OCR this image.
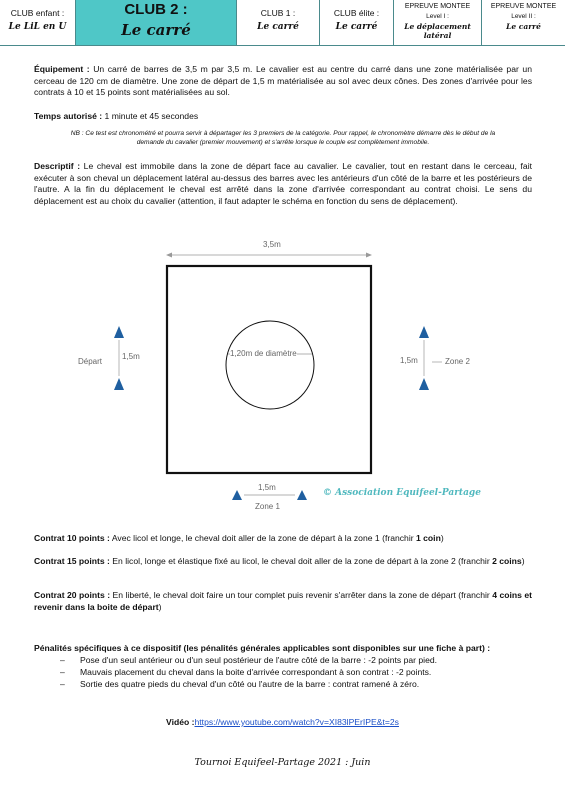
CLUB enfant :
Le LiL en U
CLUB 2 :
Le carré
CLUB 1 :
Le carré
CLUB élite :
Le carré
EPREUVE MONTEE
Level I :
Le déplacement latéral
EPREUVE MONTEE
Level II :
Le carré

Équipement : Un carré de barres de 3,5 m par 3,5 m. Le cavalier est au centre du carré dans une zone matérialisée par un cerceau de 120 cm de diamètre. Une zone de départ de 1,5 m matérialisée au sol avec deux cônes. Des zones d'arrivée pour les contrats à 10 et 15 points sont matérialisées au sol.

Temps autorisé : 1 minute et 45 secondes

NB : Ce test est chronométré et pourra servir à départager les 3 premiers de la catégorie. Pour rappel, le chronomètre démarre dès le début de la demande du cavalier (premier mouvement) et s'arrête lorsque le couple est complètement immobile.

Descriptif : Le cheval est immobile dans la zone de départ face au cavalier. Le cavalier, tout en restant dans le cerceau, fait exécuter à son cheval un déplacement latéral au-dessus des barres avec les antérieurs d'un côté de la barre et les postérieurs de l'autre. A la fin du déplacement le cheval est arrêté dans la zone d'arrivée correspondant au contrat choisi. Le sens du déplacement est au choix du cavalier (attention, il faut adapter le schéma en fonction du sens de déplacement).

3,5m
1,20m de diamètre
Départ
1,5m	1,5m	Zone 2
1,5m
Zone 1
© Association Equifeel-Partage

Contrat 10 points : Avec licol et longe, le cheval doit aller de la zone de départ à la zone 1 (franchir 1 coin)

Contrat 15 points : En licol, longe et élastique fixé au licol, le cheval doit aller de la zone de départ à la zone 2 (franchir 2 coins)

Contrat 20 points : En liberté, le cheval doit faire un tour complet puis revenir s'arrêter dans la zone de départ (franchir 4 coins et revenir dans la boite de départ)

Pénalités spécifiques à ce dispositif (les pénalités générales applicables sont disponibles sur une fiche à part) :
– Pose d'un seul antérieur ou d'un seul postérieur de l'autre côté de la barre : -2 points par pied.
– Mauvais placement du cheval dans la boite d'arrivée correspondant à son contrat : -2 points.
– Sortie des quatre pieds du cheval d'un côté ou l'autre de la barre : contrat ramené à zéro.
Vidéo :https://www.youtube.com/watch?v=XI83lPErIPE&t=2s
Tournoi Equifeel-Partage 2021 : Juin
